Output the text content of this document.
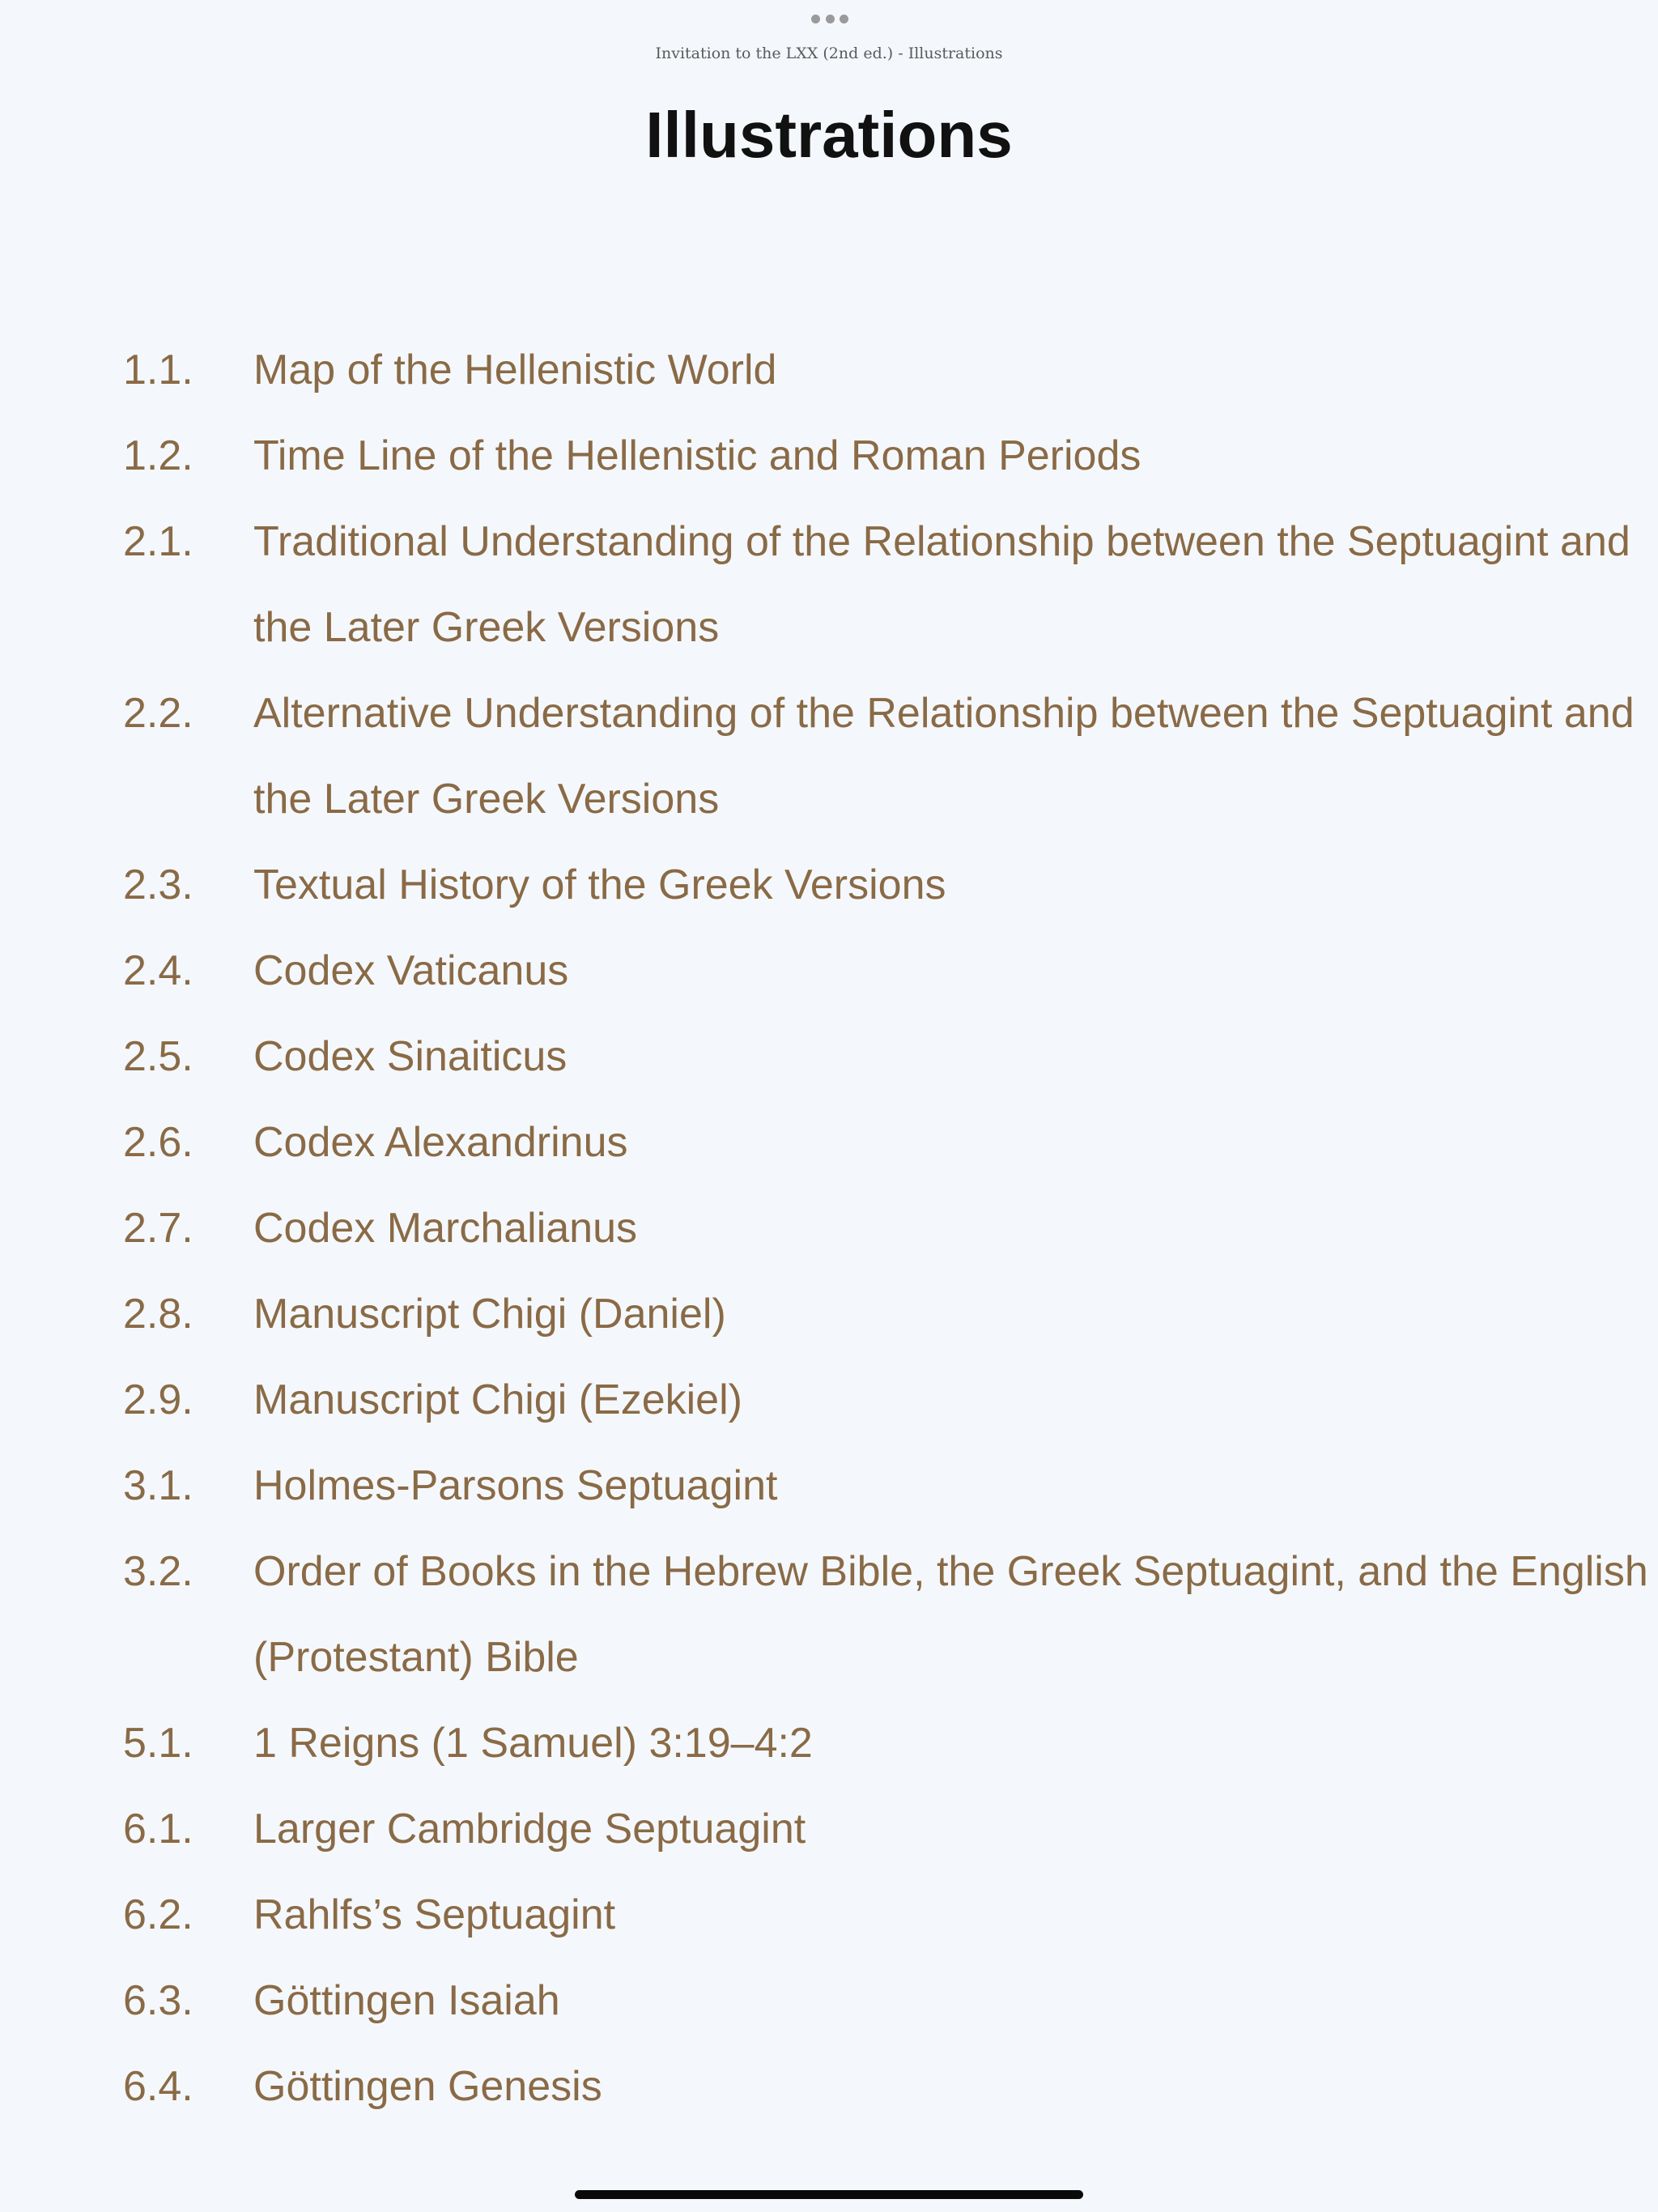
Invitation to the LXX (2nd ed.) - Illustrations
Illustrations
1.1.	Map of the Hellenistic World
1.2.	Time Line of the Hellenistic and Roman Periods
2.1.	Traditional Understanding of the Relationship between the Septuagint and the Later Greek Versions
2.2.	Alternative Understanding of the Relationship between the Septuagint and the Later Greek Versions
2.3.	Textual History of the Greek Versions
2.4.	Codex Vaticanus
2.5.	Codex Sinaiticus
2.6.	Codex Alexandrinus
2.7.	Codex Marchalianus
2.8.	Manuscript Chigi (Daniel)
2.9.	Manuscript Chigi (Ezekiel)
3.1.	Holmes-Parsons Septuagint
3.2.	Order of Books in the Hebrew Bible, the Greek Septuagint, and the English (Protestant) Bible
5.1.	1 Reigns (1 Samuel) 3:19–4:2
6.1.	Larger Cambridge Septuagint
6.2.	Rahlfs’s Septuagint
6.3.	Göttingen Isaiah
6.4.	Göttingen Genesis
